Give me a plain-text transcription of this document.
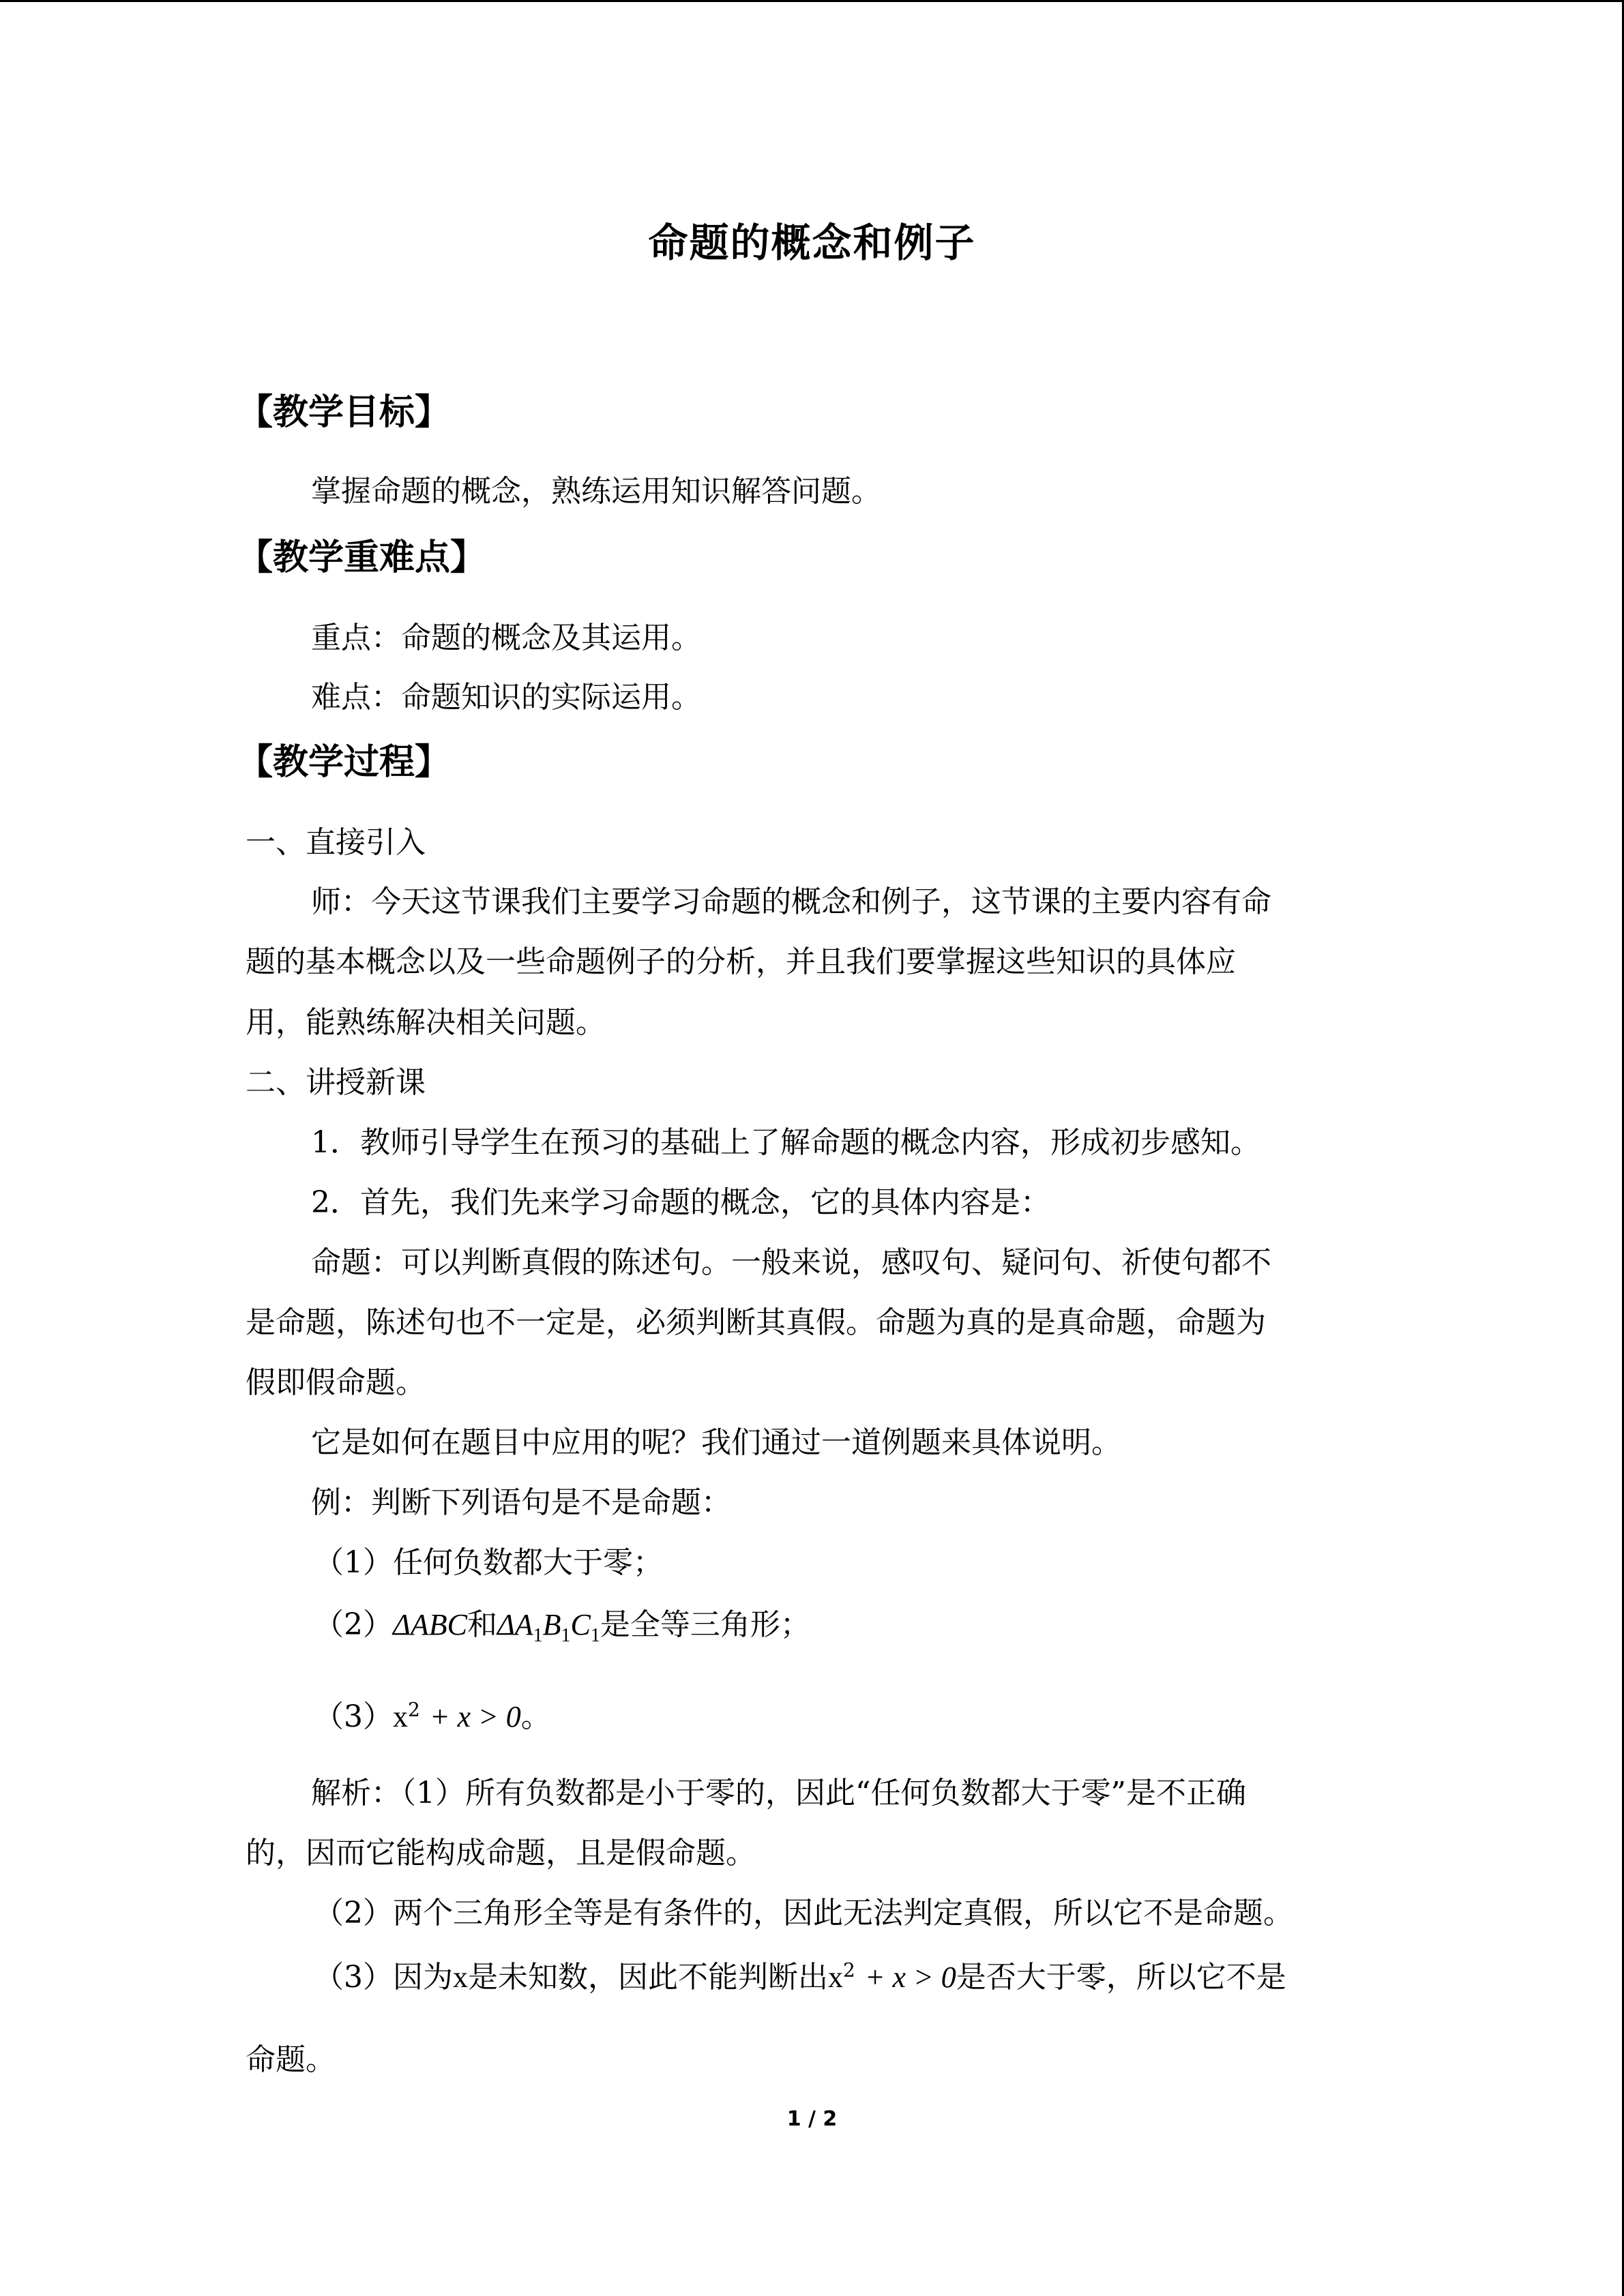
命题的概念和例子
【教学目标】
掌握命题的概念，熟练运用知识解答问题。
【教学重难点】
重点：命题的概念及其运用。
难点：命题知识的实际运用。
【教学过程】
一、直接引入
师：今天这节课我们主要学习命题的概念和例子，这节课的主要内容有命
题的基本概念以及一些命题例子的分析，并且我们要掌握这些知识的具体应
用，能熟练解决相关问题。
二、讲授新课
1．教师引导学生在预习的基础上了解命题的概念内容，形成初步感知。
2．首先，我们先来学习命题的概念，它的具体内容是：
命题：可以判断真假的陈述句。一般来说，感叹句、疑问句、祈使句都不
是命题，陈述句也不一定是，必须判断其真假。命题为真的是真命题，命题为
假即假命题。
它是如何在题目中应用的呢？我们通过一道例题来具体说明。
例：判断下列语句是不是命题：
（1）任何负数都大于零；
（2）ΔABC和$\Delta A_1B_1C_1$是全等三角形；
$(3)x^2 + x > 0$。
解析：（1）所有负数都是小于零的，因此“任何负数都大于零”是不正确
的，因而它能构成命题，且是假命题。
（2）两个三角形全等是有条件的，因此无法判定真假，所以它不是命题。
（3）因为x是未知数，因此不能判断出$x^2 + x > 0$是否大于零，所以它不是
命题。
1 / 2
